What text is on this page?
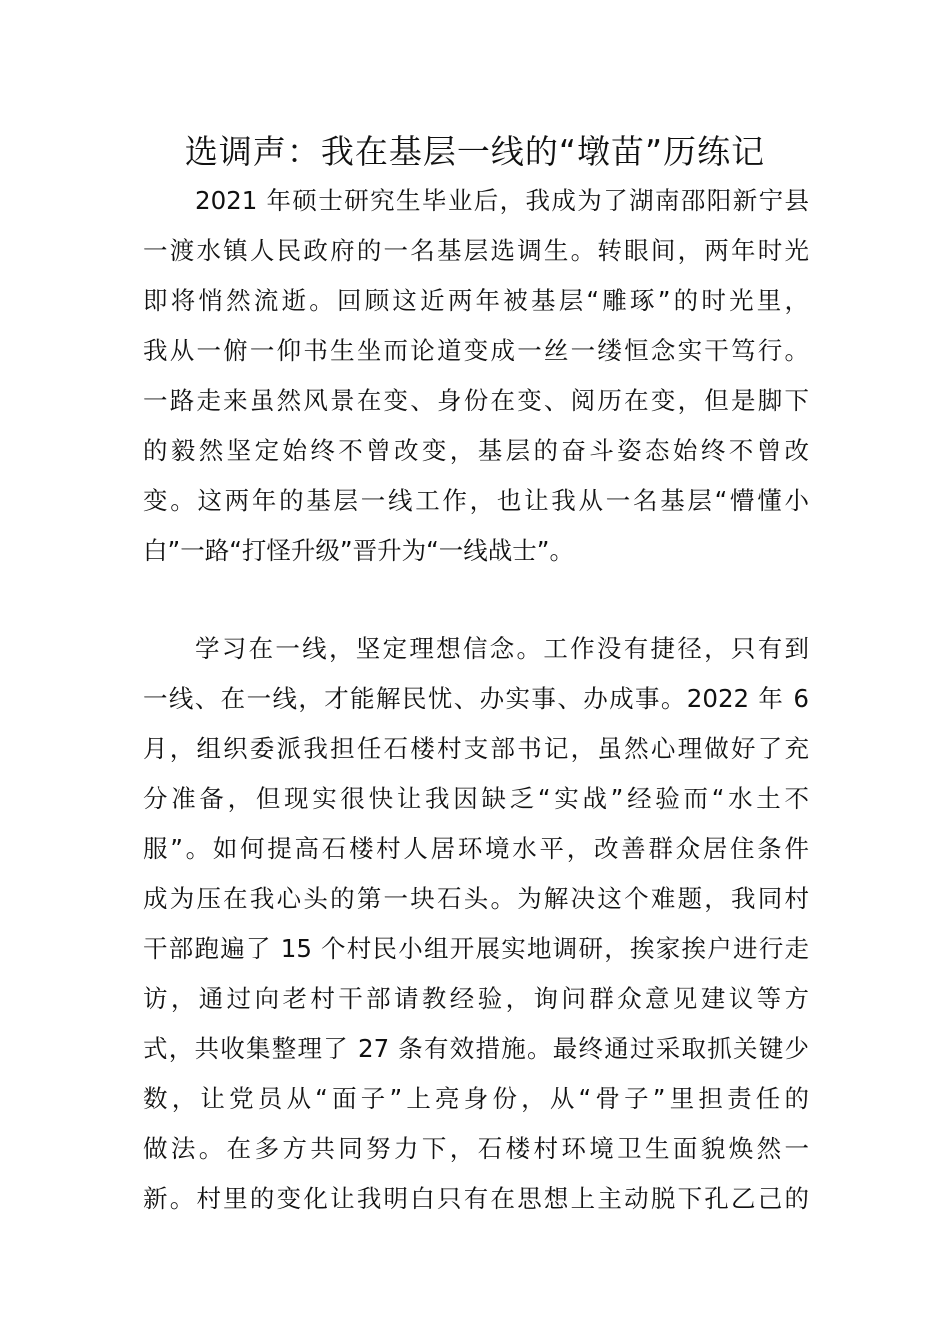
选调声：我在基层一线的“墩苗”历练记
2021 年硕士研究生毕业后，我成为了湖南邵阳新宁县
一渡水镇人民政府的一名基层选调生。转眼间，两年时光
即将悄然流逝。回顾这近两年被基层“雕琢”的时光里，
我从一俯一仰书生坐而论道变成一丝一缕恒念实干笃行。
一路走来虽然风景在变、身份在变、阅历在变，但是脚下
的毅然坚定始终不曾改变，基层的奋斗姿态始终不曾改
变。这两年的基层一线工作，也让我从一名基层“懵懂小
白”一路“打怪升级”晋升为“一线战士”。
学习在一线，坚定理想信念。工作没有捷径，只有到
一线、在一线，才能解民忧、办实事、办成事。2022 年 6
月，组织委派我担任石楼村支部书记，虽然心理做好了充
分准备，但现实很快让我因缺乏“实战”经验而“水土不
服”。如何提高石楼村人居环境水平，改善群众居住条件
成为压在我心头的第一块石头。为解决这个难题，我同村
干部跑遍了 15 个村民小组开展实地调研，挨家挨户进行走
访，通过向老村干部请教经验，询问群众意见建议等方
式，共收集整理了 27 条有效措施。最终通过采取抓关键少
数，让党员从“面子”上亮身份，从“骨子”里担责任的
做法。在多方共同努力下，石楼村环境卫生面貌焕然一
新。村里的变化让我明白只有在思想上主动脱下孔乙己的
